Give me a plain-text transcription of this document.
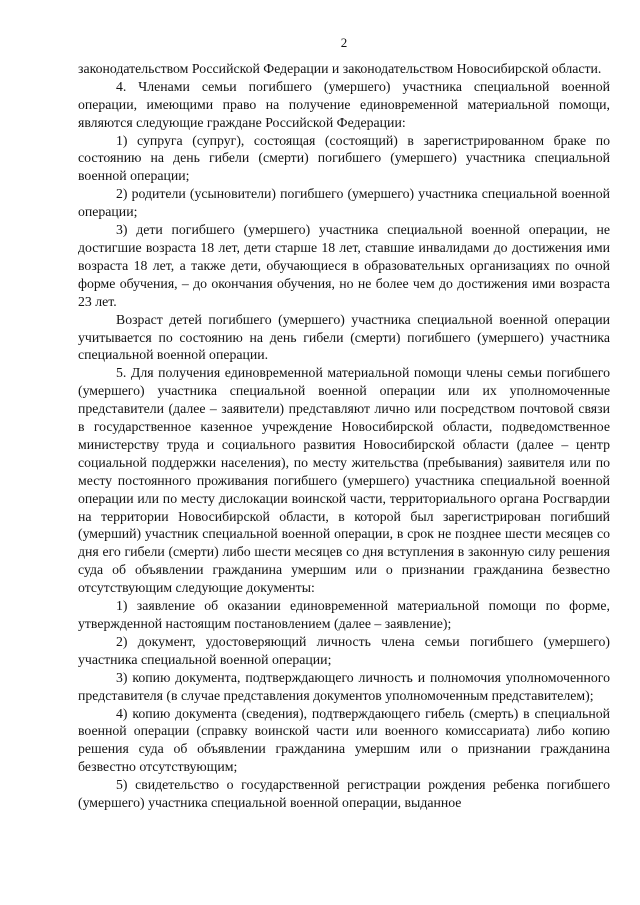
2

законодательством Российской Федерации и законодательством Новосибирской области.

4. Членами семьи погибшего (умершего) участника специальной военной операции, имеющими право на получение единовременной материальной помощи, являются следующие граждане Российской Федерации:

1) супруга (супруг), состоящая (состоящий) в зарегистрированном браке по состоянию на день гибели (смерти) погибшего (умершего) участника специальной военной операции;

2) родители (усыновители) погибшего (умершего) участника специальной военной операции;

3) дети погибшего (умершего) участника специальной военной операции, не достигшие возраста 18 лет, дети старше 18 лет, ставшие инвалидами до достижения ими возраста 18 лет, а также дети, обучающиеся в образовательных организациях по очной форме обучения, – до окончания обучения, но не более чем до достижения ими возраста 23 лет.

Возраст детей погибшего (умершего) участника специальной военной операции учитывается по состоянию на день гибели (смерти) погибшего (умершего) участника специальной военной операции.

5. Для получения единовременной материальной помощи члены семьи погибшего (умершего) участника специальной военной операции или их уполномоченные представители (далее – заявители) представляют лично или посредством почтовой связи в государственное казенное учреждение Новосибирской области, подведомственное министерству труда и социального развития Новосибирской области (далее – центр социальной поддержки населения), по месту жительства (пребывания) заявителя или по месту постоянного проживания погибшего (умершего) участника специальной военной операции или по месту дислокации воинской части, территориального органа Росгвардии на территории Новосибирской области, в которой был зарегистрирован погибший (умерший) участник специальной военной операции, в срок не позднее шести месяцев со дня его гибели (смерти) либо шести месяцев со дня вступления в законную силу решения суда об объявлении гражданина умершим или о признании гражданина безвестно отсутствующим следующие документы:

1) заявление об оказании единовременной материальной помощи по форме, утвержденной настоящим постановлением (далее – заявление);

2) документ, удостоверяющий личность члена семьи погибшего (умершего) участника специальной военной операции;

3) копию документа, подтверждающего личность и полномочия уполномоченного представителя (в случае представления документов уполномоченным представителем);

4) копию документа (сведения), подтверждающего гибель (смерть) в специальной военной операции (справку воинской части или военного комиссариата) либо копию решения суда об объявлении гражданина умершим или о признании гражданина безвестно отсутствующим;

5) свидетельство о государственной регистрации рождения ребенка погибшего (умершего) участника специальной военной операции, выданное
